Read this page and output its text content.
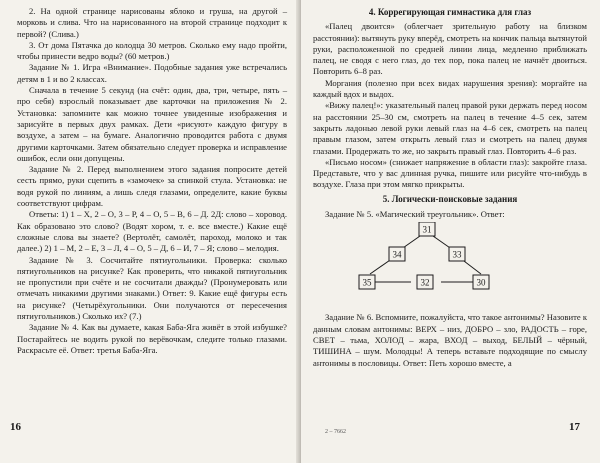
2. На одной странице нарисованы яблоко и груша, на другой – морковь и слива. Что на нарисованного на второй странице подходит к первой? (Слива.)

3. От дома Пятачка до колодца 30 метров. Сколько ему надо пройти, чтобы принести ведро воды? (60 метров.)

Задание № 1. Игра «Внимание». Подобные задания уже встречались детям в 1 и во 2 классах.

Сначала в течение 5 секунд (на счёт: один, два, три, четыре, пять – про себя) взрослый показывает две карточки на приложения № 2. Установка: запомните как можно точнее увиденные изображения и зарисуйте в первых двух рамках. Дети «рисуют» каждую фигуру в воздухе, а затем – на бумаге. Аналогично проводится работа с двумя другими карточками. Затем обязательно следует проверка и исправление ошибок, если они допущены.

Задание № 2. Перед выполнением этого задания попросите детей сесть прямо, руки сцепить в «замочек» за спинкой стула. Установка: не водя рукой по линиям, а лишь следя глазами, определите, какие буквы соответствуют цифрам.

Ответы: 1) 1 – Х, 2 – О, 3 – Р, 4 – О, 5 – В, 6 – Д. 2Д: слово – хоровод. Как образовано это слово? (Водят хором, т. е. все вместе.) Какие ещё сложные слова вы знаете? (Вертолёт, самолёт, пароход, молоко и так далее.) 2) 1 – М, 2 – Е, 3 – Л, 4 – О, 5 – Д, 6 – И, 7 – Я; слово – мелодия.

Задание № 3. Сосчитайте пятиугольники. Проверка: сколько пятиугольников на рисунке? Как проверить, что никакой пятиугольник не пропустили при счёте и не сосчитали дважды? (Пронумеровать или отмечать никакими другими знаками.) Ответ: 9. Какие ещё фигуры есть на рисунке? (Четырёхугольники. Они получаются от пересечения пятиугольников.) Сколько их? (7.)

Задание № 4. Как вы думаете, какая Баба-Яга живёт в этой избушке? Постарайтесь не водить рукой по верёвочкам, следите только глазами. Раскрасьте её. Ответ: третья Баба-Яга.

16
4. Коррегирующая гимнастика для глаз

«Палец двоится» (облегчает зрительную работу на близком расстоянии): вытянуть руку вперёд, смотреть на кончик пальца вытянутой руки, расположенной по средней линии лица, медленно приближать палец, не сводя с него глаз, до тех пор, пока палец не начнёт двоиться. Повторить 6–8 раз.

Моргания (полезно при всех видах нарушения зрения): моргайте на каждый вдох и выдох.

«Вижу палец!»: указательный палец правой руки держать перед носом на расстоянии 25–30 см, смотреть на палец в течение 4–5 сек, затем закрыть ладонью левой руки левый глаз на 4–6 сек, смотреть на палец правым глазом, затем открыть левый глаз и смотреть на палец двумя глазами. Продержать то же, но закрыть правый глаз. Повторить 4–6 раз.

«Письмо носом» (снижает напряжение в области глаз): закройте глаза. Представьте, что у вас длинная ручка, пишите или рисуйте что-нибудь в воздухе. Глаза при этом мягко прикрыты.

5. Логически-поисковые задания

Задание № 5. «Магический треугольник». Ответ:

31
34	33
35	32	30

Задание № 6. Вспомните, пожалуйста, что такое антонимы? Назовите к данным словам антонимы: ВЕРХ – низ, ДОБРО – зло, РАДОСТЬ – горе, СВЕТ – тьма, ХОЛОД – жара, ВХОД – выход, БЕЛЫЙ – чёрный, ТИШИНА – шум. Молодцы! А теперь вставьте подходящие по смыслу антонимы в пословицы. Ответ: Петь хорошо вместе, а

2 – 7662	17
